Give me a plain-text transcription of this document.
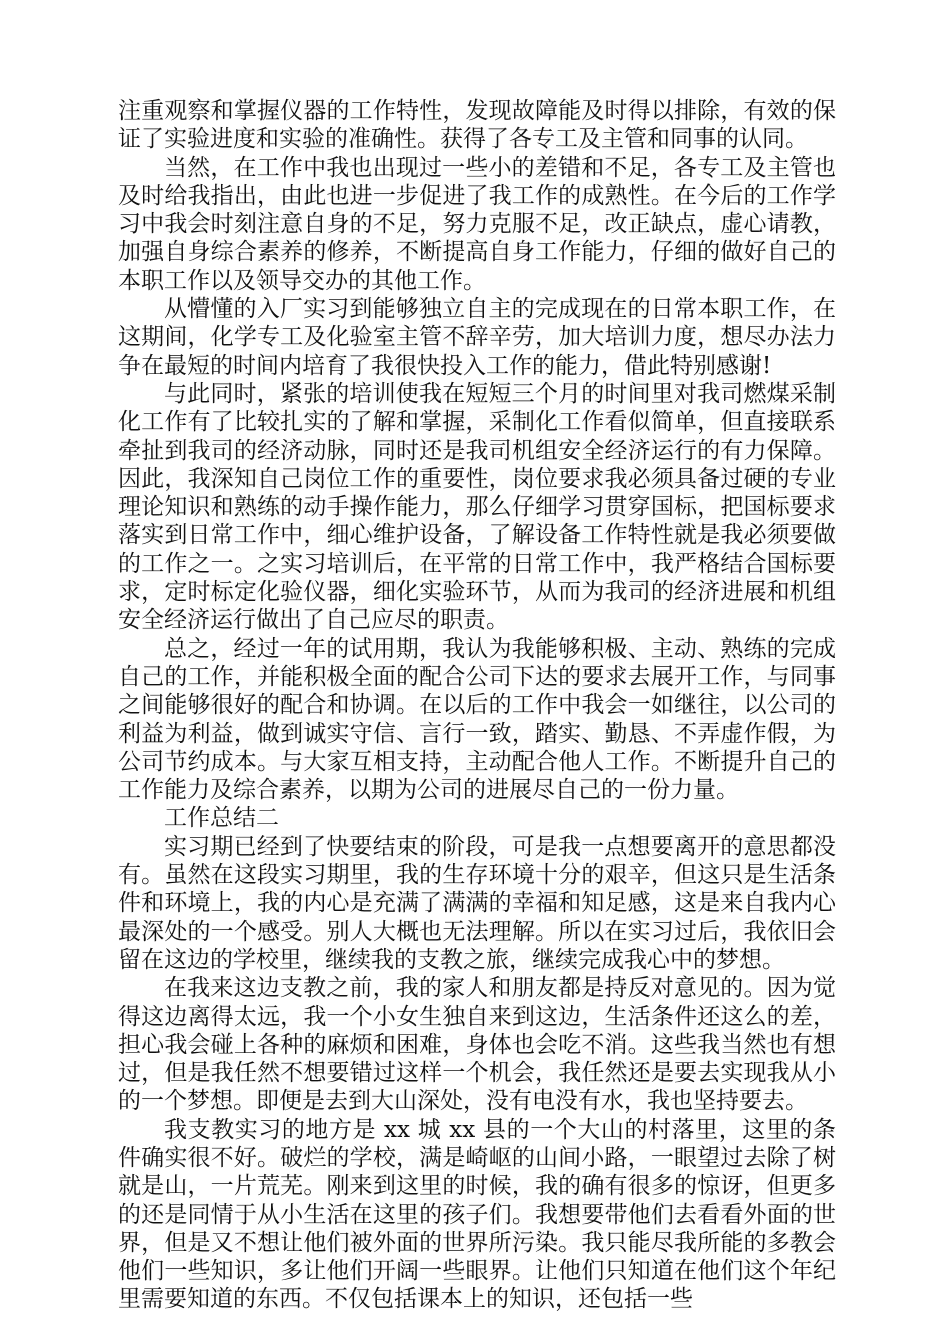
注重观察和掌握仪器的工作特性，发现故障能及时得以排除，有效的保证了实验进度和实验的准确性。获得了各专工及主管和同事的认同。

当然，在工作中我也出现过一些小的差错和不足，各专工及主管也及时给我指出，由此也进一步促进了我工作的成熟性。在今后的工作学习中我会时刻注意自身的不足，努力克服不足，改正缺点，虚心请教，加强自身综合素养的修养，不断提高自身工作能力，仔细的做好自己的本职工作以及领导交办的其他工作。

从懵懂的入厂实习到能够独立自主的完成现在的日常本职工作，在这期间，化学专工及化验室主管不辞辛劳，加大培训力度，想尽办法力争在最短的时间内培育了我很快投入工作的能力，借此特别感谢!

与此同时，紧张的培训使我在短短三个月的时间里对我司燃煤采制化工作有了比较扎实的了解和掌握，采制化工作看似简单，但直接联系牵扯到我司的经济动脉，同时还是我司机组安全经济运行的有力保障。因此，我深知自己岗位工作的重要性，岗位要求我必须具备过硬的专业理论知识和熟练的动手操作能力，那么仔细学习贯穿国标，把国标要求落实到日常工作中，细心维护设备，了解设备工作特性就是我必须要做的工作之一。之实习培训后，在平常的日常工作中，我严格结合国标要求，定时标定化验仪器，细化实验环节，从而为我司的经济进展和机组安全经济运行做出了自己应尽的职责。

总之，经过一年的试用期，我认为我能够积极、主动、熟练的完成自己的工作，并能积极全面的配合公司下达的要求去展开工作，与同事之间能够很好的配合和协调。在以后的工作中我会一如继往，以公司的利益为利益，做到诚实守信、言行一致，踏实、勤恳、不弄虚作假，为公司节约成本。与大家互相支持，主动配合他人工作。不断提升自己的工作能力及综合素养，以期为公司的进展尽自己的一份力量。

工作总结二

实习期已经到了快要结束的阶段，可是我一点想要离开的意思都没有。虽然在这段实习期里，我的生存环境十分的艰辛，但这只是生活条件和环境上，我的内心是充满了满满的幸福和知足感，这是来自我内心最深处的一个感受。别人大概也无法理解。所以在实习过后，我依旧会留在这边的学校里，继续我的支教之旅，继续完成我心中的梦想。

在我来这边支教之前，我的家人和朋友都是持反对意见的。因为觉得这边离得太远，我一个小女生独自来到这边，生活条件还这么的差，担心我会碰上各种的麻烦和困难，身体也会吃不消。这些我当然也有想过，但是我任然不想要错过这样一个机会，我任然还是要去实现我从小的一个梦想。即便是去到大山深处，没有电没有水，我也坚持要去。

我支教实习的地方是 xx 城 xx 县的一个大山的村落里，这里的条件确实很不好。破烂的学校，满是崎岖的山间小路，一眼望过去除了树就是山，一片荒芜。刚来到这里的时候，我的确有很多的惊讶，但更多的还是同情于从小生活在这里的孩子们。我想要带他们去看看外面的世界，但是又不想让他们被外面的世界所污染。我只能尽我所能的多教会他们一些知识，多让他们开阔一些眼界。让他们只知道在他们这个年纪里需要知道的东西。不仅包括课本上的知识，还包括一些
